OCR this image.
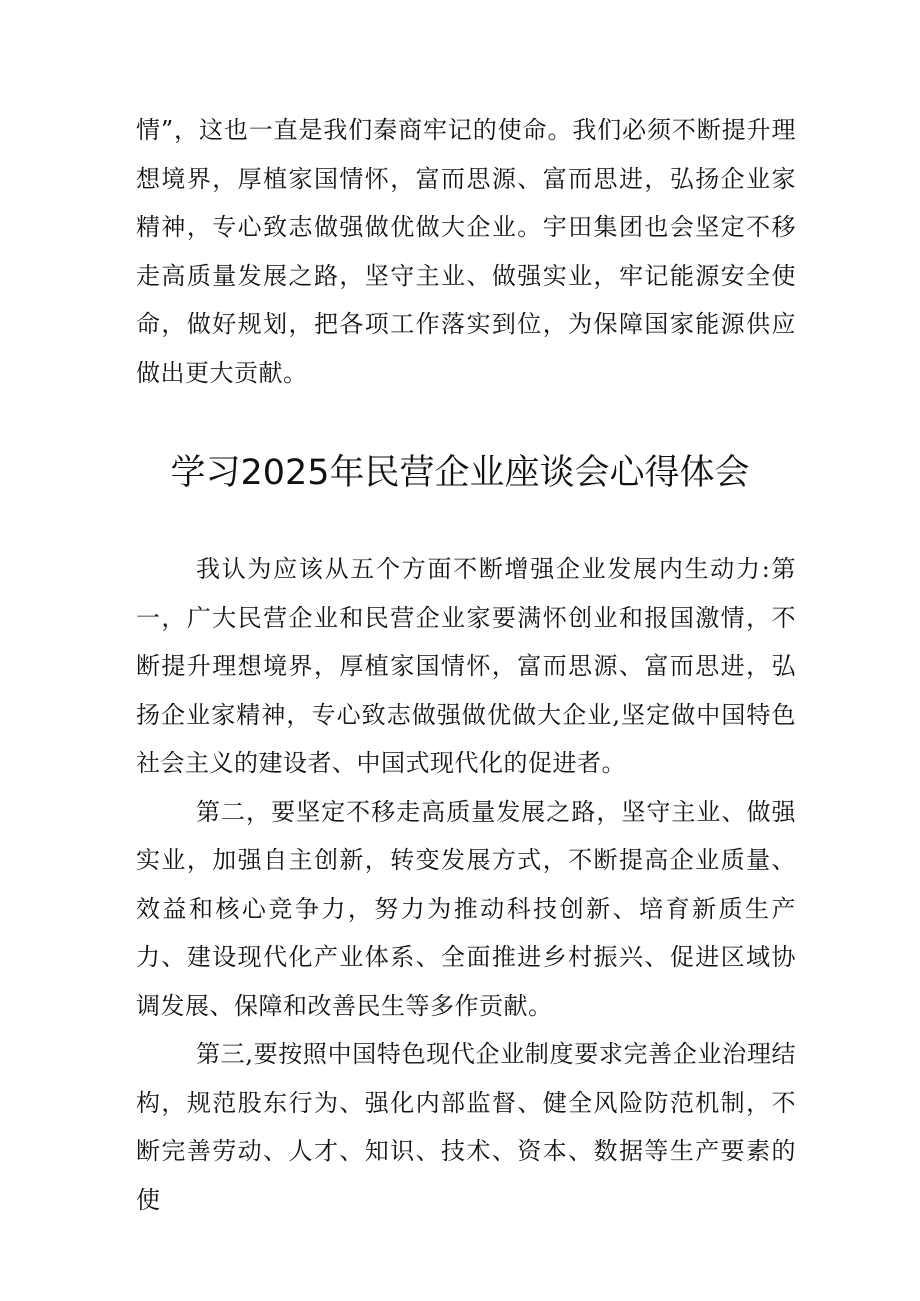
情”，这也一直是我们秦商牢记的使命。我们必须不断提升理想境界，厚植家国情怀，富而思源、富而思进，弘扬企业家精神，专心致志做强做优做大企业。宇田集团也会坚定不移走高质量发展之路，坚守主业、做强实业，牢记能源安全使命，做好规划，把各项工作落实到位，为保障国家能源供应做出更大贡献。

学习2025年民营企业座谈会心得体会

我认为应该从五个方面不断增强企业发展内生动力:第一，广大民营企业和民营企业家要满怀创业和报国激情，不断提升理想境界，厚植家国情怀，富而思源、富而思进，弘扬企业家精神，专心致志做强做优做大企业,坚定做中国特色社会主义的建设者、中国式现代化的促进者。

第二，要坚定不移走高质量发展之路，坚守主业、做强实业，加强自主创新，转变发展方式，不断提高企业质量、效益和核心竞争力，努力为推动科技创新、培育新质生产力、建设现代化产业体系、全面推进乡村振兴、促进区域协调发展、保障和改善民生等多作贡献。

第三,要按照中国特色现代企业制度要求完善企业治理结构，规范股东行为、强化内部监督、健全风险防范机制，不断完善劳动、人才、知识、技术、资本、数据等生产要素的使
